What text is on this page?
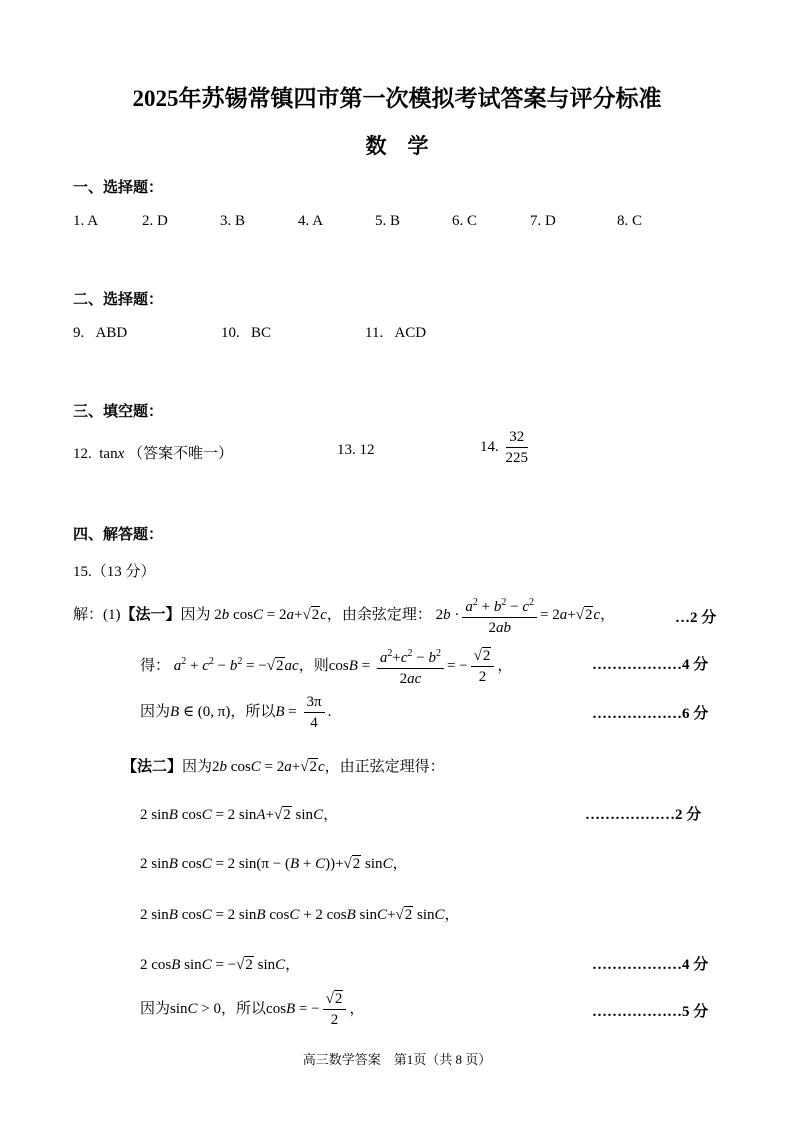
2025年苏锡常镇四市第一次模拟考试答案与评分标准
数    学
一、选择题：
1. A	2. D	3. B	4. A	5. B	6. C	7. D	8. C
二、选择题：
9. ABD	10. BC	11. ACD
三、填空题：
12. tanx （答案不唯一）	13. 12	14. $\frac{32}{225}$
四、解答题：
15.（13 分）
解：(1)【法一】因为 2b cosC = 2a+√2c，由余弦定理： $2b \cdot \frac{a^2 + b^2 - c^2}{2ab} = 2a+√2c$，	…2 分
得： $a^2 + c^2 - b^2 = -√2ac$，则$\cos B = \frac{a^2+c^2 - b^2}{2ac}$ = − $\frac{√2}{2}$ ，	………………4 分
因为B ∈ (0, π)，所以$B = \frac{3\pi}{4}$ .	………………6 分
【法二】因为2b cosC = 2a+√2c，由正弦定理得：
2 sinB cosC = 2 sinA+√2 sinC，	………………2 分
2 sinB cosC = 2 sin(π − (B + C))+√2 sinC，
2 sinB cosC = 2 sinB cosC + 2 cosB sinC+√2 sinC，
2 cosB sinC = −√2 sinC，	………………4 分
因为sinC > 0，所以cosB = − $\frac{√2}{2}$ ，	………………5 分
高三数学答案    第1页（共 8 页）
